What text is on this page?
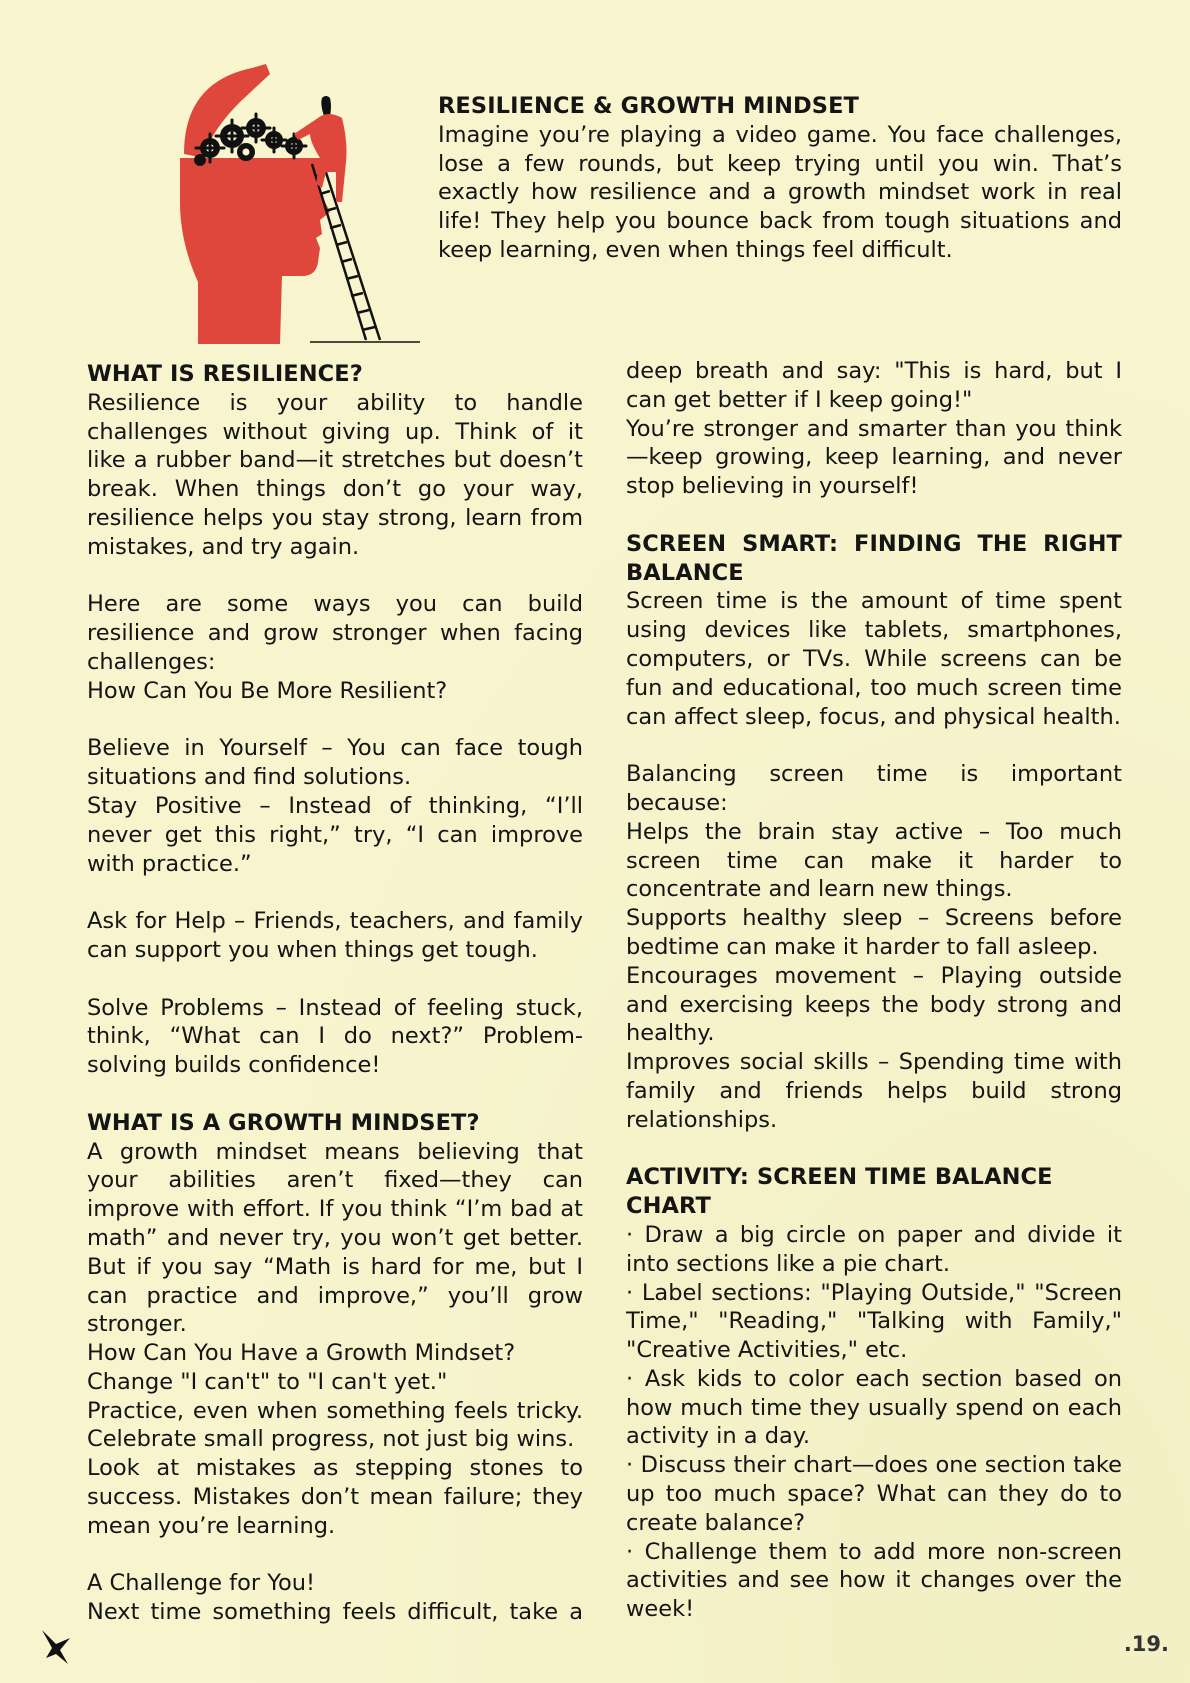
RESILIENCE & GROWTH MINDSET

Imagine you’re playing a video game. You face challenges, lose a few rounds, but keep trying until you win. That’s exactly how resilience and a growth mindset work in real life! They help you bounce back from tough situations and keep learning, even when things feel difficult.

WHAT IS RESILIENCE?

Resilience is your ability to handle challenges without giving up. Think of it like a rubber band—it stretches but doesn’t break. When things don’t go your way, resilience helps you stay strong, learn from mistakes, and try again.

Here are some ways you can build resilience and grow stronger when facing challenges:

How Can You Be More Resilient?

Believe in Yourself – You can face tough situations and find solutions.

Stay Positive – Instead of thinking, “I’ll never get this right,” try, “I can improve with practice.”

Ask for Help – Friends, teachers, and family can support you when things get tough.

Solve Problems – Instead of feeling stuck, think, “What can I do next?” Problem-solving builds confidence!

WHAT IS A GROWTH MINDSET?

A growth mindset means believing that your abilities aren’t fixed—they can improve with effort. If you think “I’m bad at math” and never try, you won’t get better. But if you say “Math is hard for me, but I can practice and improve,” you’ll grow stronger.

How Can You Have a Growth Mindset?

Change "I can't" to "I can't yet."

Practice, even when something feels tricky.

Celebrate small progress, not just big wins.

Look at mistakes as stepping stones to success. Mistakes don’t mean failure; they mean you’re learning.

A Challenge for You!

Next time something feels difficult, take a

deep breath and say: "This is hard, but I can get better if I keep going!"

You’re stronger and smarter than you think—keep growing, keep learning, and never stop believing in yourself!

SCREEN SMART: FINDING THE RIGHT BALANCE

Screen time is the amount of time spent using devices like tablets, smartphones, computers, or TVs. While screens can be fun and educational, too much screen time can affect sleep, focus, and physical health.

Balancing screen time is important because:

Helps the brain stay active – Too much screen time can make it harder to concentrate and learn new things.

Supports healthy sleep – Screens before bedtime can make it harder to fall asleep.

Encourages movement – Playing outside and exercising keeps the body strong and healthy.

Improves social skills – Spending time with family and friends helps build strong relationships.

ACTIVITY: SCREEN TIME BALANCE CHART

· Draw a big circle on paper and divide it into sections like a pie chart.

· Label sections: "Playing Outside," "Screen Time," "Reading," "Talking with Family," "Creative Activities," etc.

· Ask kids to color each section based on how much time they usually spend on each activity in a day.

· Discuss their chart—does one section take up too much space? What can they do to create balance?

· Challenge them to add more non-screen activities and see how it changes over the week!

.19.
